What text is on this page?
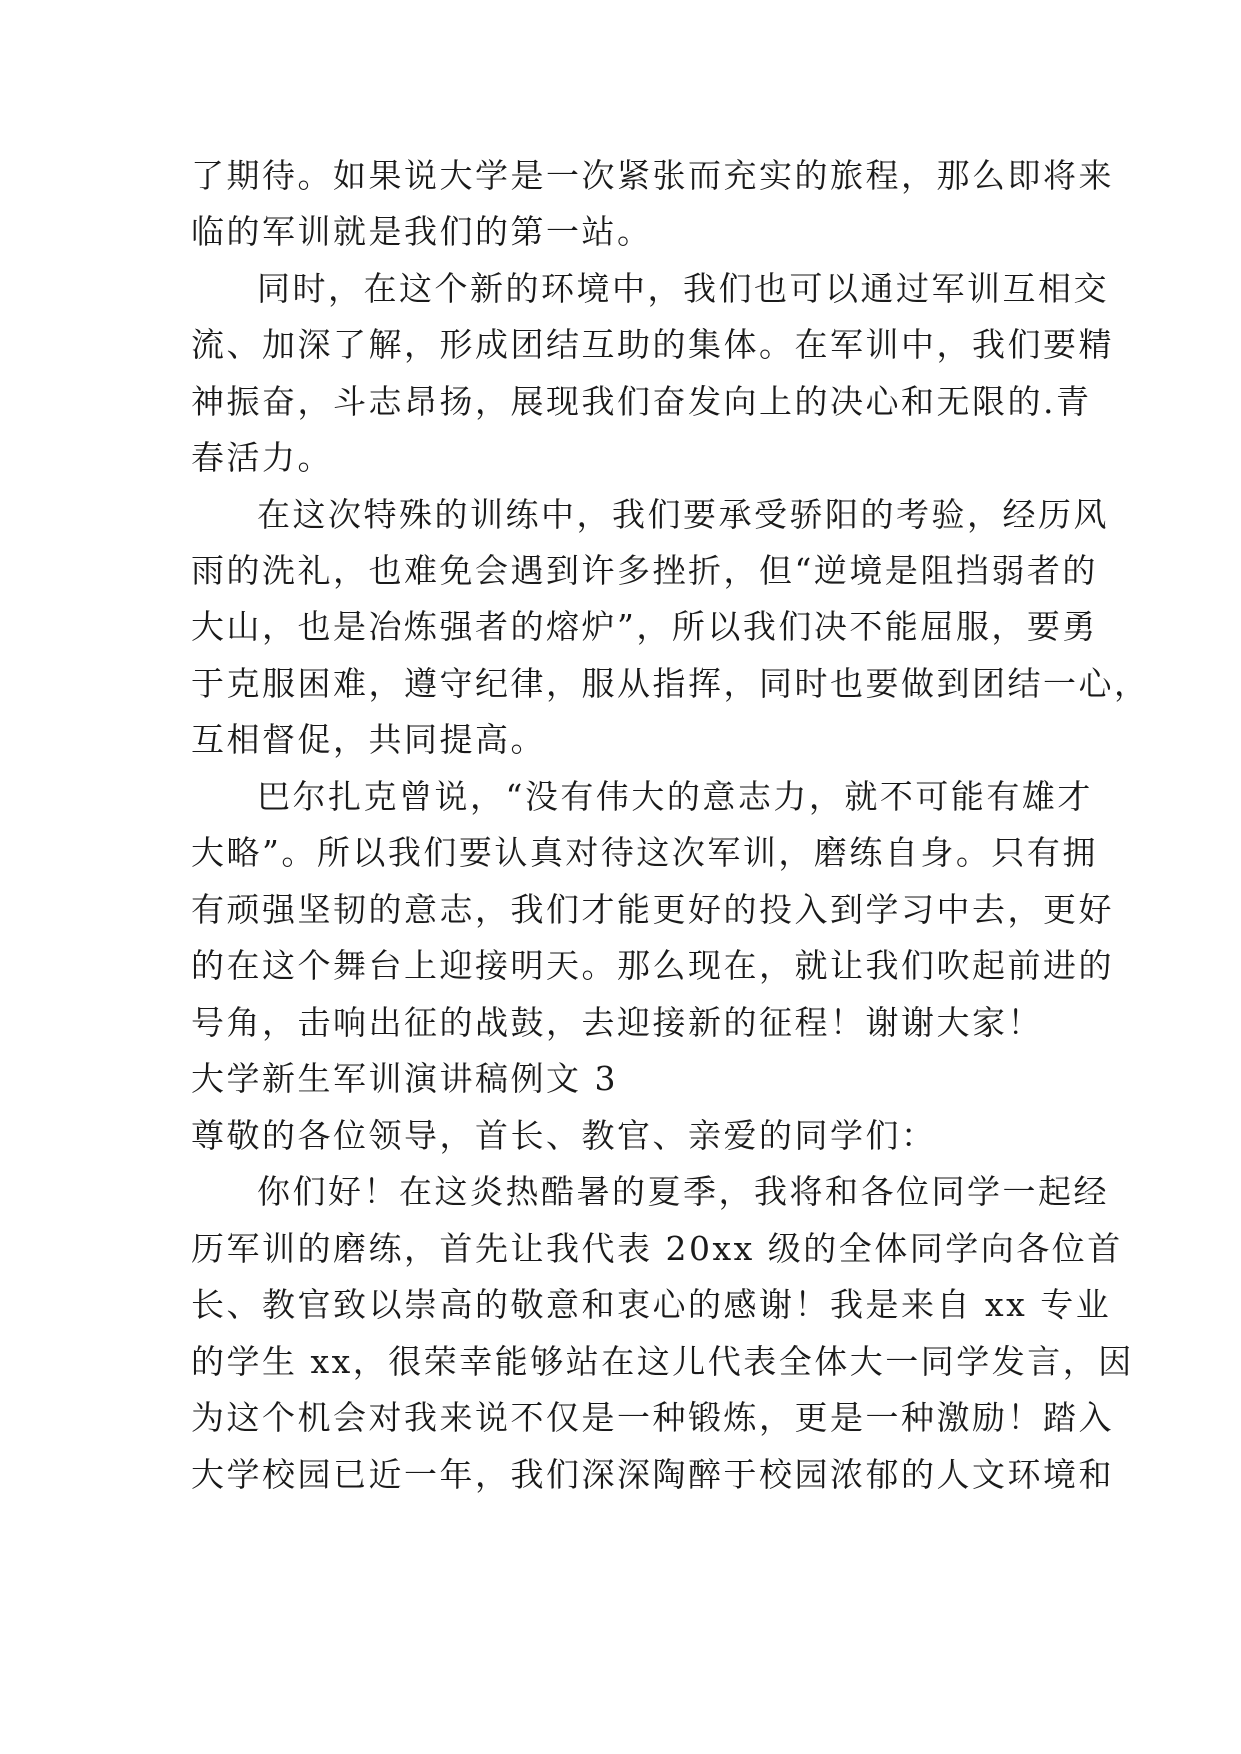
了期待。如果说大学是一次紧张而充实的旅程，那么即将来
临的军训就是我们的第一站。
同时，在这个新的环境中，我们也可以通过军训互相交
流、加深了解，形成团结互助的集体。在军训中，我们要精
神振奋，斗志昂扬，展现我们奋发向上的决心和无限的.青
春活力。
在这次特殊的训练中，我们要承受骄阳的考验，经历风
雨的洗礼，也难免会遇到许多挫折，但“逆境是阻挡弱者的
大山，也是冶炼强者的熔炉”，所以我们决不能屈服，要勇
于克服困难，遵守纪律，服从指挥，同时也要做到团结一心，
互相督促，共同提高。
巴尔扎克曾说，“没有伟大的意志力，就不可能有雄才
大略”。所以我们要认真对待这次军训，磨练自身。只有拥
有顽强坚韧的意志，我们才能更好的投入到学习中去，更好
的在这个舞台上迎接明天。那么现在，就让我们吹起前进的
号角，击响出征的战鼓，去迎接新的征程！谢谢大家！
大学新生军训演讲稿例文 3
尊敬的各位领导，首长、教官、亲爱的同学们：
你们好！在这炎热酷暑的夏季，我将和各位同学一起经
历军训的磨练，首先让我代表 20xx 级的全体同学向各位首
长、教官致以崇高的敬意和衷心的感谢！我是来自 xx 专业
的学生 xx，很荣幸能够站在这儿代表全体大一同学发言，因
为这个机会对我来说不仅是一种锻炼，更是一种激励！踏入
大学校园已近一年，我们深深陶醉于校园浓郁的人文环境和
